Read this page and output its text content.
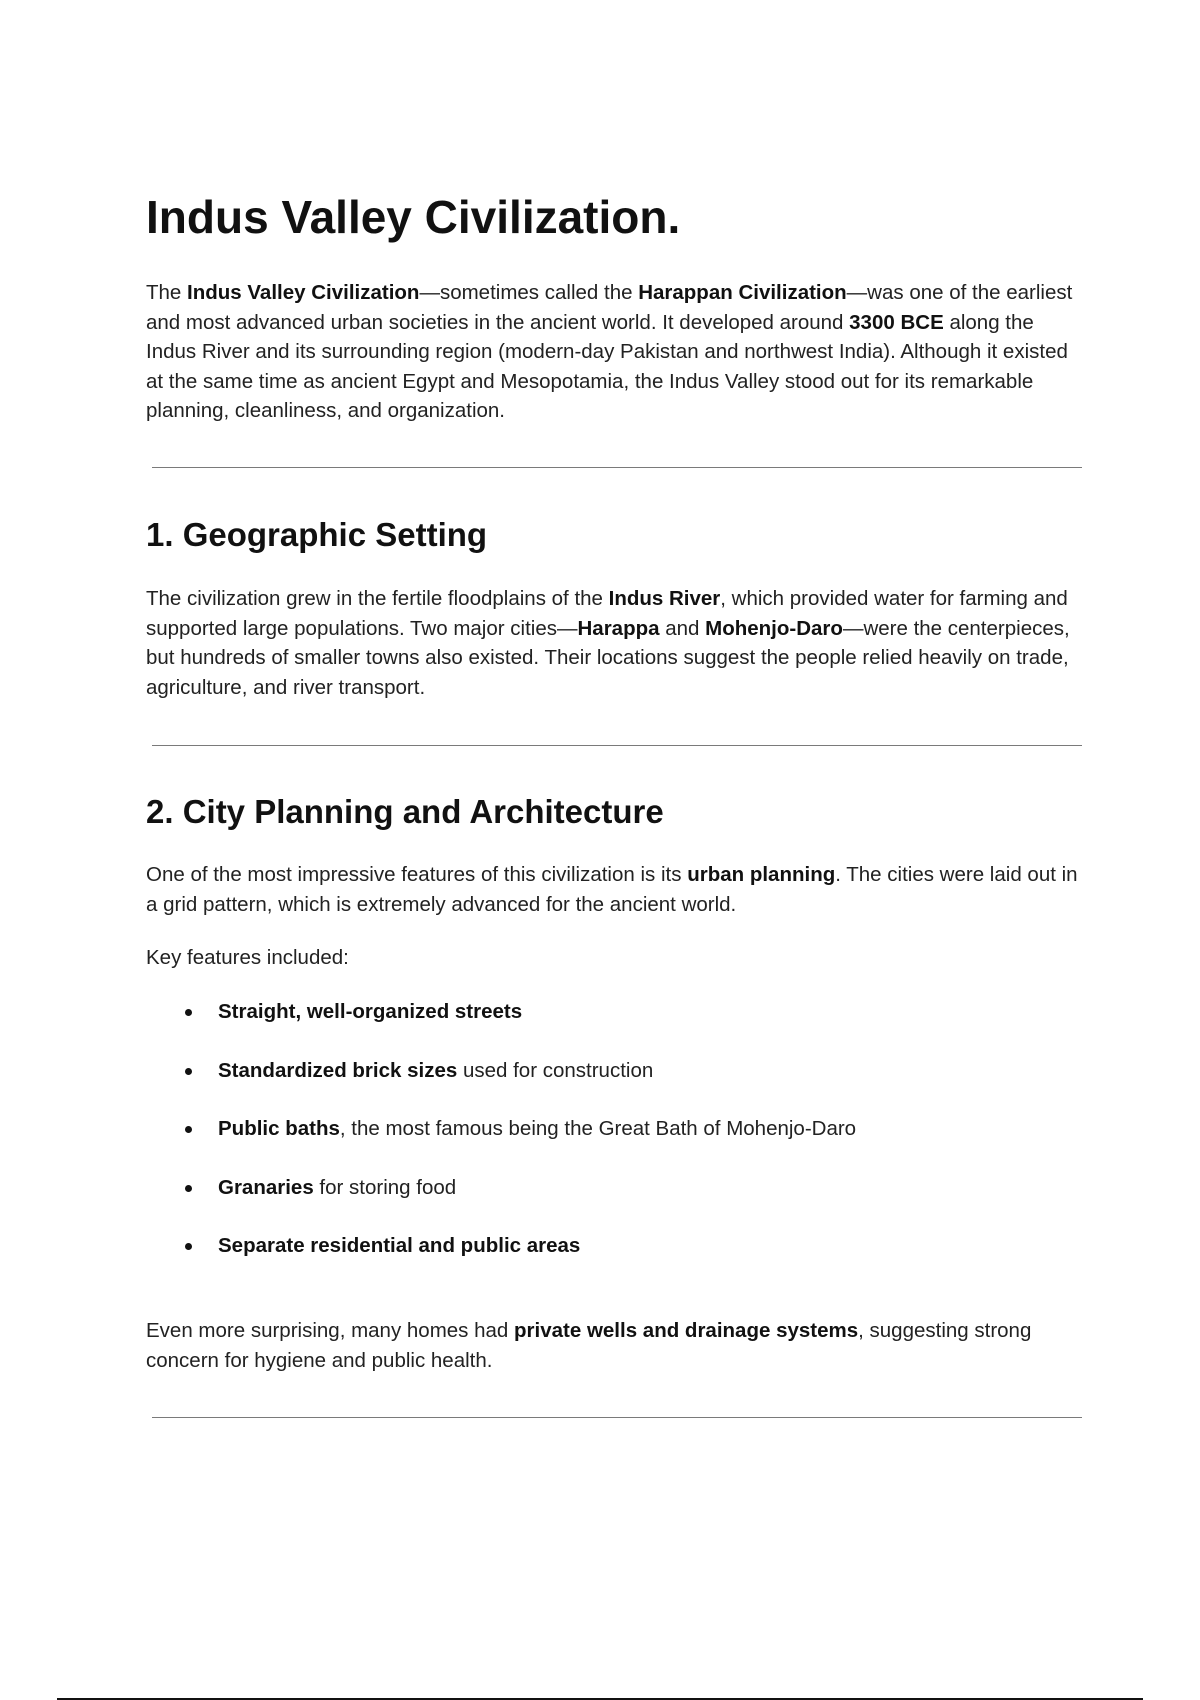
Indus Valley Civilization.

The Indus Valley Civilization—sometimes called the Harappan Civilization—was one of the earliest and most advanced urban societies in the ancient world. It developed around 3300 BCE along the Indus River and its surrounding region (modern-day Pakistan and northwest India). Although it existed at the same time as ancient Egypt and Mesopotamia, the Indus Valley stood out for its remarkable planning, cleanliness, and organization.

1. Geographic Setting

The civilization grew in the fertile floodplains of the Indus River, which provided water for farming and supported large populations. Two major cities—Harappa and Mohenjo-Daro—were the centerpieces, but hundreds of smaller towns also existed. Their locations suggest the people relied heavily on trade, agriculture, and river transport.

2. City Planning and Architecture

One of the most impressive features of this civilization is its urban planning. The cities were laid out in a grid pattern, which is extremely advanced for the ancient world.

Key features included:

Straight, well-organized streets
Standardized brick sizes used for construction
Public baths, the most famous being the Great Bath of Mohenjo-Daro
Granaries for storing food
Separate residential and public areas

Even more surprising, many homes had private wells and drainage systems, suggesting strong concern for hygiene and public health.
